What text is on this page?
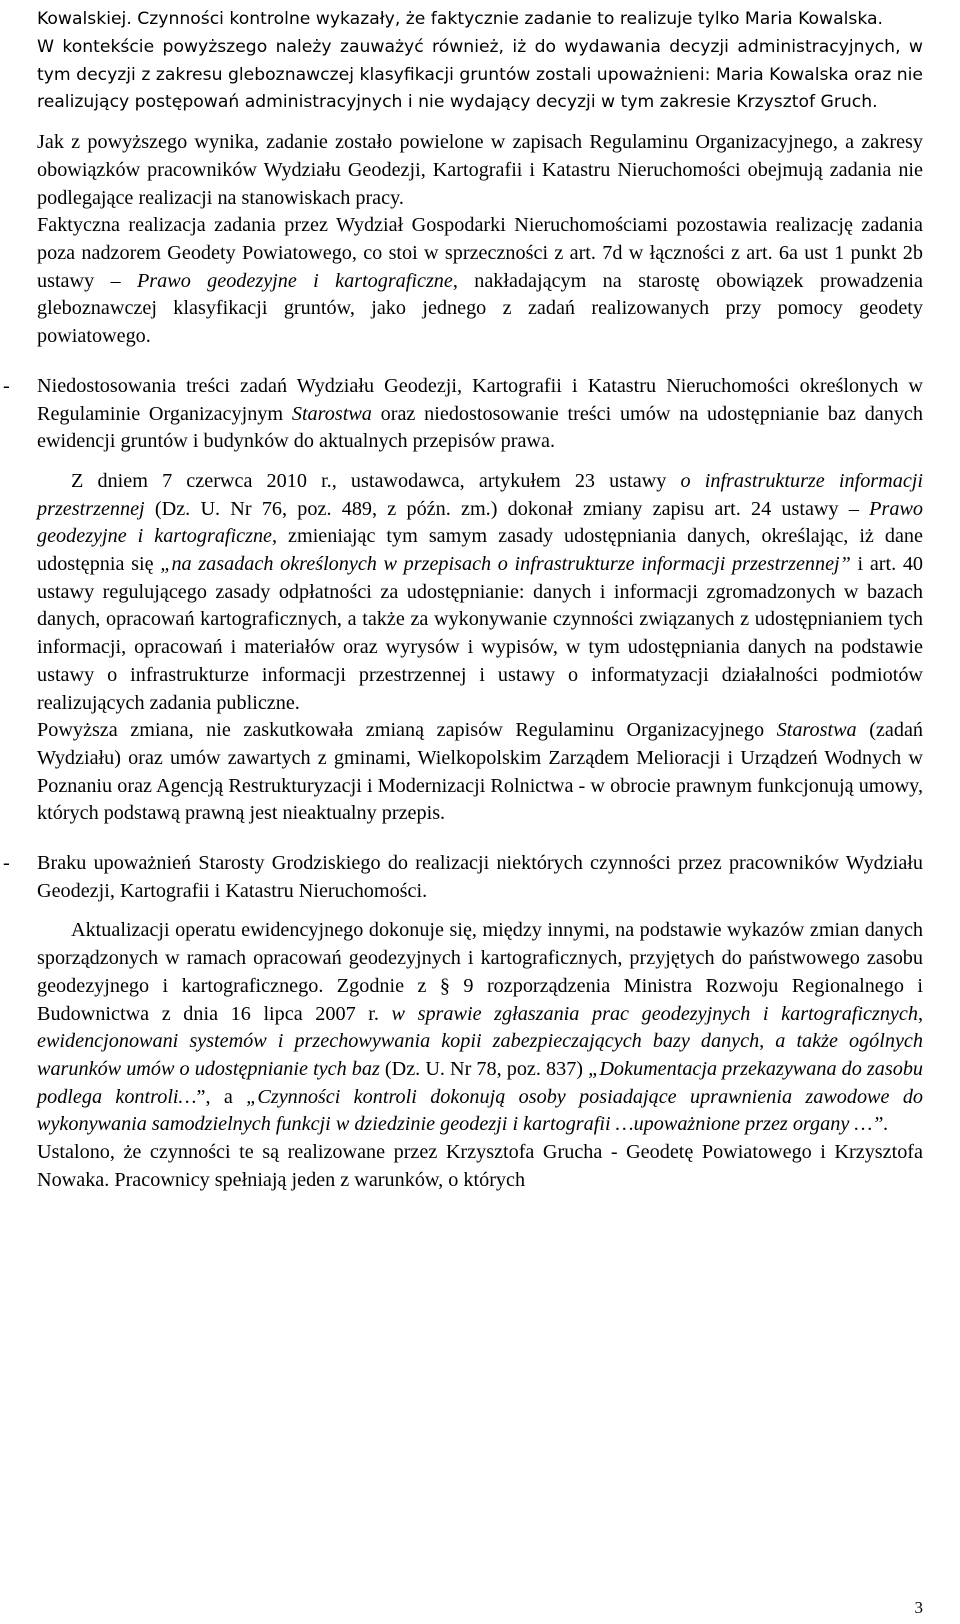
Kowalskiej. Czynności kontrolne wykazały, że faktycznie zadanie to realizuje tylko Maria Kowalska.

W kontekście powyższego należy zauważyć również, iż do wydawania decyzji administracyjnych, w tym decyzji z zakresu gleboznawczej klasyfikacji gruntów zostali upoważnieni: Maria Kowalska oraz nie realizujący postępowań administracyjnych i nie wydający decyzji w tym zakresie Krzysztof Gruch.

Jak z powyższego wynika, zadanie zostało powielone w zapisach Regulaminu Organizacyjnego, a zakresy obowiązków pracowników Wydziału Geodezji, Kartografii i Katastru Nieruchomości obejmują zadania nie podlegające realizacji na stanowiskach pracy.

Faktyczna realizacja zadania przez Wydział Gospodarki Nieruchomościami pozostawia realizację zadania poza nadzorem Geodety Powiatowego, co stoi w sprzeczności z art. 7d w łączności z art. 6a ust 1 punkt 2b ustawy – Prawo geodezyjne i kartograficzne, nakładającym na starostę obowiązek prowadzenia gleboznawczej klasyfikacji gruntów, jako jednego z zadań realizowanych przy pomocy geodety powiatowego.

- Niedostosowania treści zadań Wydziału Geodezji, Kartografii i Katastru Nieruchomości określonych w Regulaminie Organizacyjnym Starostwa oraz niedostosowanie treści umów na udostępnianie baz danych ewidencji gruntów i budynków do aktualnych przepisów prawa.

Z dniem 7 czerwca 2010 r., ustawodawca, artykułem 23 ustawy o infrastrukturze informacji przestrzennej (Dz. U. Nr 76, poz. 489, z późn. zm.) dokonał zmiany zapisu art. 24 ustawy – Prawo geodezyjne i kartograficzne, zmieniając tym samym zasady udostępniania danych, określając, iż dane udostępnia się „na zasadach określonych w przepisach o infrastrukturze informacji przestrzennej” i art. 40 ustawy regulującego zasady odpłatności za udostępnianie: danych i informacji zgromadzonych w bazach danych, opracowań kartograficznych, a także za wykonywanie czynności związanych z udostępnianiem tych informacji, opracowań i materiałów oraz wyrysów i wypisów, w tym udostępniania danych na podstawie ustawy o infrastrukturze informacji przestrzennej i ustawy o informatyzacji działalności podmiotów realizujących zadania publiczne.

Powyższa zmiana, nie zaskutkowała zmianą zapisów Regulaminu Organizacyjnego Starostwa (zadań Wydziału) oraz umów zawartych z gminami, Wielkopolskim Zarządem Melioracji i Urządzeń Wodnych w Poznaniu oraz Agencją Restrukturyzacji i Modernizacji Rolnictwa - w obrocie prawnym funkcjonują umowy, których podstawą prawną jest nieaktualny przepis.

- Braku upoważnień Starosty Grodziskiego do realizacji niektórych czynności przez pracowników Wydziału Geodezji, Kartografii i Katastru Nieruchomości.

Aktualizacji operatu ewidencyjnego dokonuje się, między innymi, na podstawie wykazów zmian danych sporządzonych w ramach opracowań geodezyjnych i kartograficznych, przyjętych do państwowego zasobu geodezyjnego i kartograficznego. Zgodnie z § 9 rozporządzenia Ministra Rozwoju Regionalnego i Budownictwa z dnia 16 lipca 2007 r. w sprawie zgłaszania prac geodezyjnych i kartograficznych, ewidencjonowani systemów i przechowywania kopii zabezpieczających bazy danych, a także ogólnych warunków umów o udostępnianie tych baz (Dz. U. Nr 78, poz. 837) „Dokumentacja przekazywana do zasobu podlega kontroli…”, a „Czynności kontroli dokonują osoby posiadające uprawnienia zawodowe do wykonywania samodzielnych funkcji w dziedzinie geodezji i kartografii …upoważnione przez organy …”.

Ustalono, że czynności te są realizowane przez Krzysztofa Grucha - Geodetę Powiatowego i Krzysztofa Nowaka. Pracownicy spełniają jeden z warunków, o których

3
